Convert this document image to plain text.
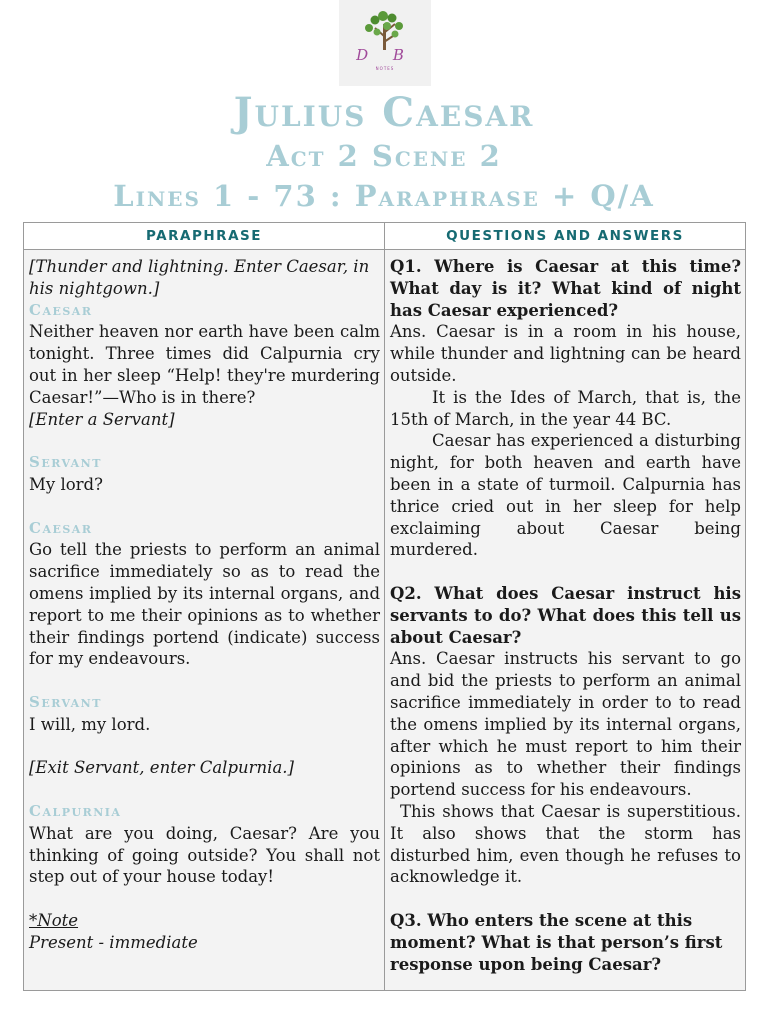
D B
NOTES
Julius Caesar
Act 2 Scene 2
Lines 1 - 73 : Paraphrase + Q/A
PARAPHRASE	QUESTIONS AND ANSWERS

[Thunder and lightning. Enter Caesar, in his nightgown.]

Caesar

Neither heaven nor earth have been calm tonight. Three times did Calpurnia cry out in her sleep “Help! they're murdering Caesar!”—Who is in there?

[Enter a Servant]

Servant

My lord?

Caesar

Go tell the priests to perform an animal sacrifice immediately so as to read the omens implied by its internal organs, and report to me their opinions as to whether their findings portend (indicate) success for my endeavours.

Servant

I will, my lord.

[Exit Servant, enter Calpurnia.]

Calpurnia

What are you doing, Caesar? Are you thinking of going outside? You shall not step out of your house today!

*Note

Present - immediate

Q1. Where is Caesar at this time? What day is it? What kind of night has Caesar experienced?

Ans. Caesar is in a room in his house, while thunder and lightning can be heard outside.

It is the Ides of March, that is, the 15th of March, in the year 44 BC.

Caesar has experienced a disturbing night, for both heaven and earth have been in a state of turmoil. Calpurnia has thrice cried out in her sleep for help exclaiming about Caesar being murdered.

Q2. What does Caesar instruct his servants to do? What does this tell us about Caesar?

Ans. Caesar instructs his servant to go and bid the priests to perform an animal sacrifice immediately in order to to read the omens implied by its internal organs, after which he must report to him their opinions as to whether their findings portend success for his endeavours.

This shows that Caesar is superstitious. It also shows that the storm has disturbed him, even though he refuses to acknowledge it.

Q3. Who enters the scene at this moment? What is that person’s first response upon being Caesar?
